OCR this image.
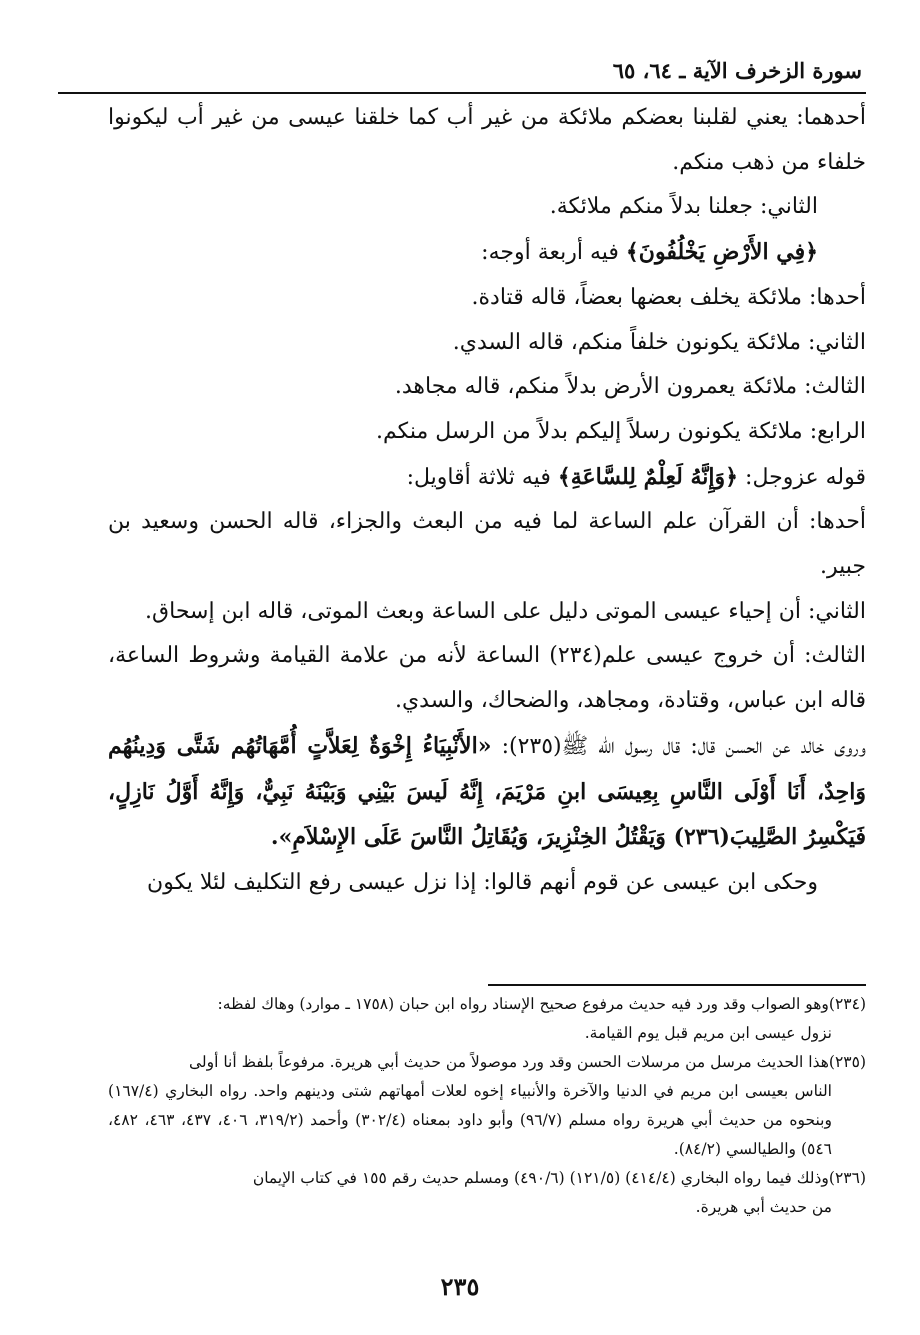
سورة الزخرف الآية ـ ٦٤، ٦٥

أحدهما: يعني لقلبنا بعضكم ملائكة من غير أب كما خلقنا عيسى من غير أب ليكونوا خلفاء من ذهب منكم.

الثاني: جعلنا بدلاً منكم ملائكة.

﴿فِي الأَرْضِ يَخْلُفُونَ﴾ فيه أربعة أوجه:

أحدها: ملائكة يخلف بعضها بعضاً، قاله قتادة.

الثاني: ملائكة يكونون خلفاً منكم، قاله السدي.

الثالث: ملائكة يعمرون الأرض بدلاً منكم، قاله مجاهد.

الرابع: ملائكة يكونون رسلاً إليكم بدلاً من الرسل منكم.

قوله عزوجل: ﴿وَإِنَّهُ لَعِلْمٌ لِلسَّاعَةِ﴾ فيه ثلاثة أقاويل:

أحدها: أن القرآن علم الساعة لما فيه من البعث والجزاء، قاله الحسن وسعيد بن جبير.

الثاني: أن إحياء عيسى الموتى دليل على الساعة وبعث الموتى، قاله ابن إسحاق.

الثالث: أن خروج عيسى علم(٢٣٤) الساعة لأنه من علامة القيامة وشروط الساعة، قاله ابن عباس، وقتادة، ومجاهد، والضحاك، والسدي.

وروى خالد عن الحسن قال: قال رسول الله ﷺ(٢٣٥): «الأَنْبِيَاءُ إِخْوَةٌ لِعَلاَّتٍ أُمَّهَاتُهُم شَتَّى وَدِينُهُم وَاحِدٌ، أَنَا أَوْلَى النَّاسِ بِعِيسَى ابنِ مَرْيَمَ، إِنَّهُ لَيسَ بَيْنِي وَبَيْنَهُ نَبِيٌّ، وَإِنَّهُ أَوَّلُ نَازِلٍ، فَيَكْسِرُ الصَّلِيبَ(٢٣٦) وَيَقْتُلُ الخِنْزِيرَ، وَيُقَاتِلُ النَّاسَ عَلَى الإِسْلاَمِ».

وحكى ابن عيسى عن قوم أنهم قالوا: إذا نزل عيسى رفع التكليف لئلا يكون

(٢٣٤)وهو الصواب وقد ورد فيه حديث مرفوع صحيح الإسناد رواه ابن حبان (١٧٥٨ ـ موارد) وهاك لفظه:

نزول عيسى ابن مريم قبل يوم القيامة.

(٢٣٥)هذا الحديث مرسل من مرسلات الحسن وقد ورد موصولاً من حديث أبي هريرة. مرفوعاً بلفظ أنا أولى

الناس بعيسى ابن مريم في الدنيا والآخرة والأنبياء إخوه لعلات أمهاتهم شتى ودينهم واحد. رواه البخاري (١٦٧/٤) وبنحوه من حديث أبي هريرة رواه مسلم (٩٦/٧) وأبو داود بمعناه (٣٠٢/٤) وأحمد (٣١٩/٢، ٤٠٦، ٤٣٧، ٤٦٣، ٤٨٢، ٥٤٦) والطيالسي (٨٤/٢).

(٢٣٦)وذلك فيما رواه البخاري (٤١٤/٤) (١٢١/٥) (٤٩٠/٦) ومسلم حديث رقم ١٥٥ في كتاب الإيمان

من حديث أبي هريرة.

٢٣٥
